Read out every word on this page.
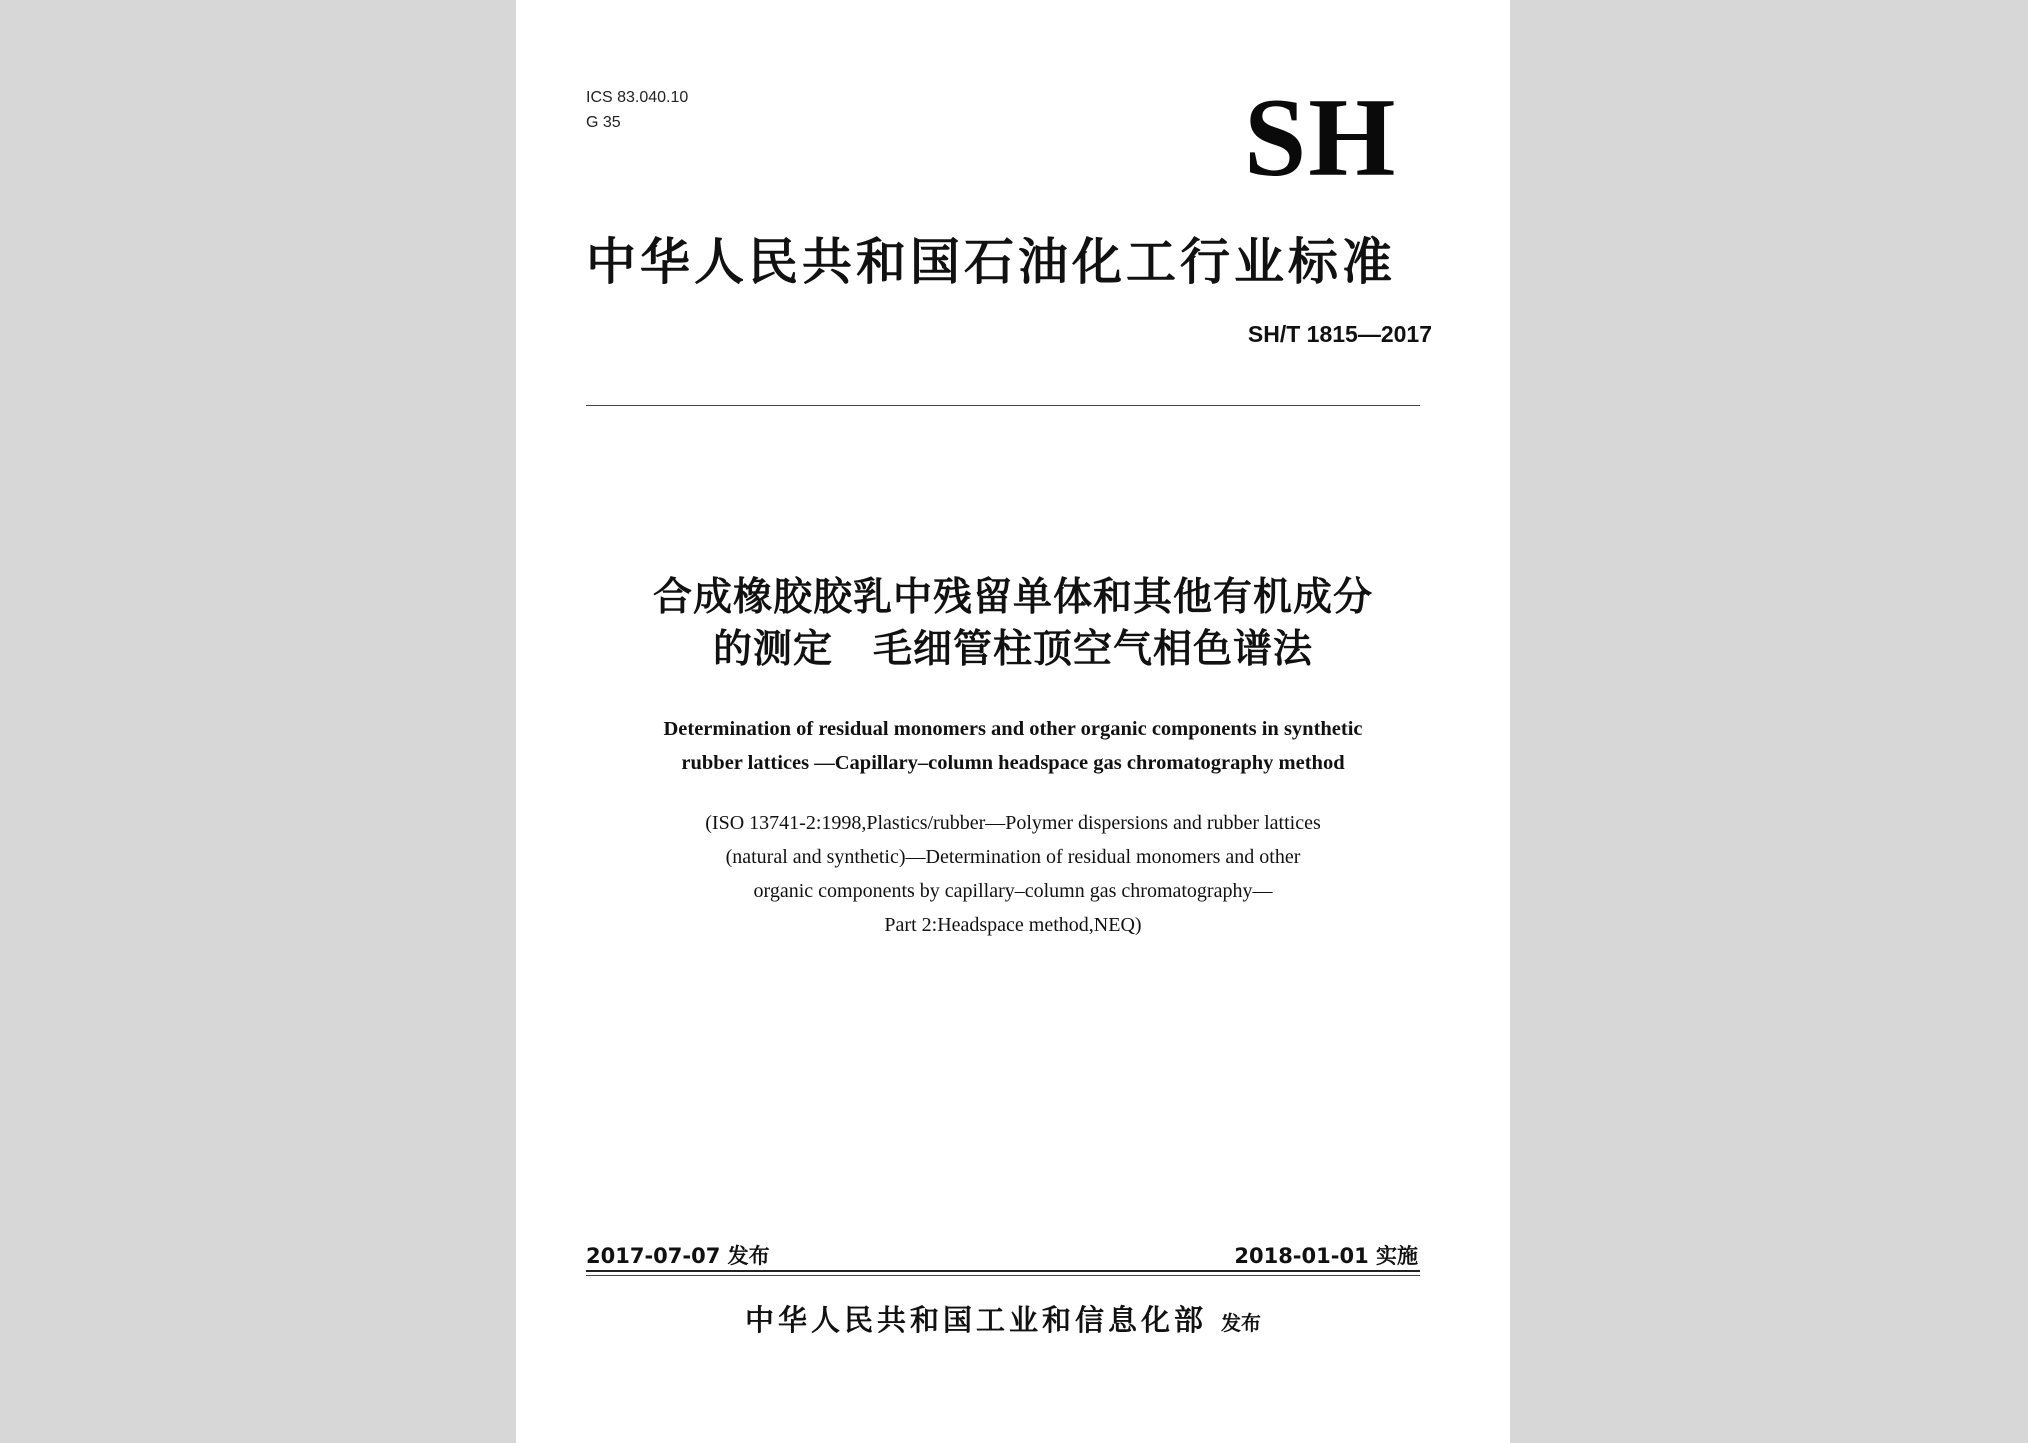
ICS 83.040.10
G 35	SH
中华人民共和国石油化工行业标准
SH/T 1815—2017
合成橡胶胶乳中残留单体和其他有机成分
的测定　毛细管柱顶空气相色谱法
Determination of residual monomers and other organic components in synthetic
rubber lattices —Capillary–column headspace gas chromatography method
(ISO 13741-2:1998,Plastics/rubber—Polymer dispersions and rubber lattices
(natural and synthetic)—Determination of residual monomers and other
organic components by capillary–column gas chromatography—
Part 2:Headspace method,NEQ)
2017-07-07 发布	2018-01-01 实施
中华人民共和国工业和信息化部 发布
